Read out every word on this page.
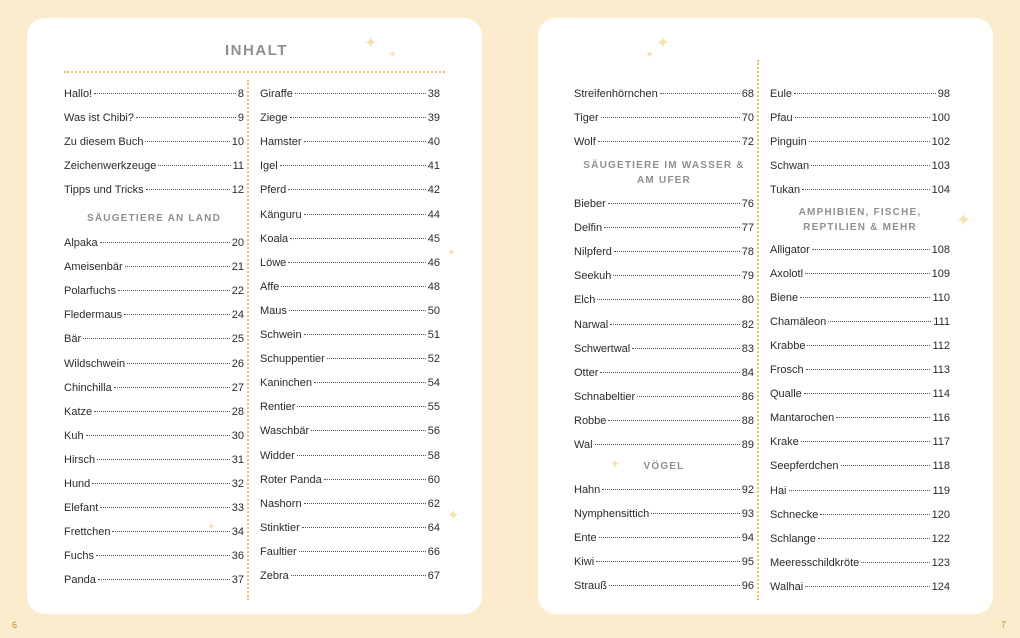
INHALT	✦
✦
✦
✦
✦
Hallo!	8
Was ist Chibi?	9
Zu diesem Buch	10
Zeichenwerkzeuge	11
Tipps und Tricks	12
SÄUGETIERE AN LAND
Alpaka	20
Ameisenbär	21
Polarfuchs	22
Fledermaus	24
Bär	25
Wildschwein	26
Chinchilla	27
Katze	28
Kuh	30
Hirsch	31
Hund	32
Elefant	33
Frettchen	34
Fuchs	36
Panda	37
Giraffe	38
Ziege	39
Hamster	40
Igel	41
Pferd	42
Känguru	44
Koala	45
Löwe	46
Affe	48
Maus	50
Schwein	51
Schuppentier	52
Kaninchen	54
Rentier	55
Waschbär	56
Widder	58
Roter Panda	60
Nashorn	62
Stinktier	64
Faultier	66
Zebra	67
6
✦
✦
✦
✦
Streifenhörnchen	68
Tiger	70
Wolf	72
SÄUGETIERE IM WASSER & AM UFER
Bieber	76
Delfin	77
Nilpferd	78
Seekuh	79
Elch	80
Narwal	82
Schwertwal	83
Otter	84
Schnabeltier	86
Robbe	88
Wal	89
VÖGEL
Hahn	92
Nymphensittich	93
Ente	94
Kiwi	95
Strauß	96
Eule	98
Pfau	100
Pinguin	102
Schwan	103
Tukan	104
AMPHIBIEN, FISCHE, REPTILIEN & MEHR
Alligator	108
Axolotl	109
Biene	110
Chamäleon	111
Krabbe	112
Frosch	113
Qualle	114
Mantarochen	116
Krake	117
Seepferdchen	118
Hai	119
Schnecke	120
Schlange	122
Meeresschildkröte	123
Walhai	124
7
